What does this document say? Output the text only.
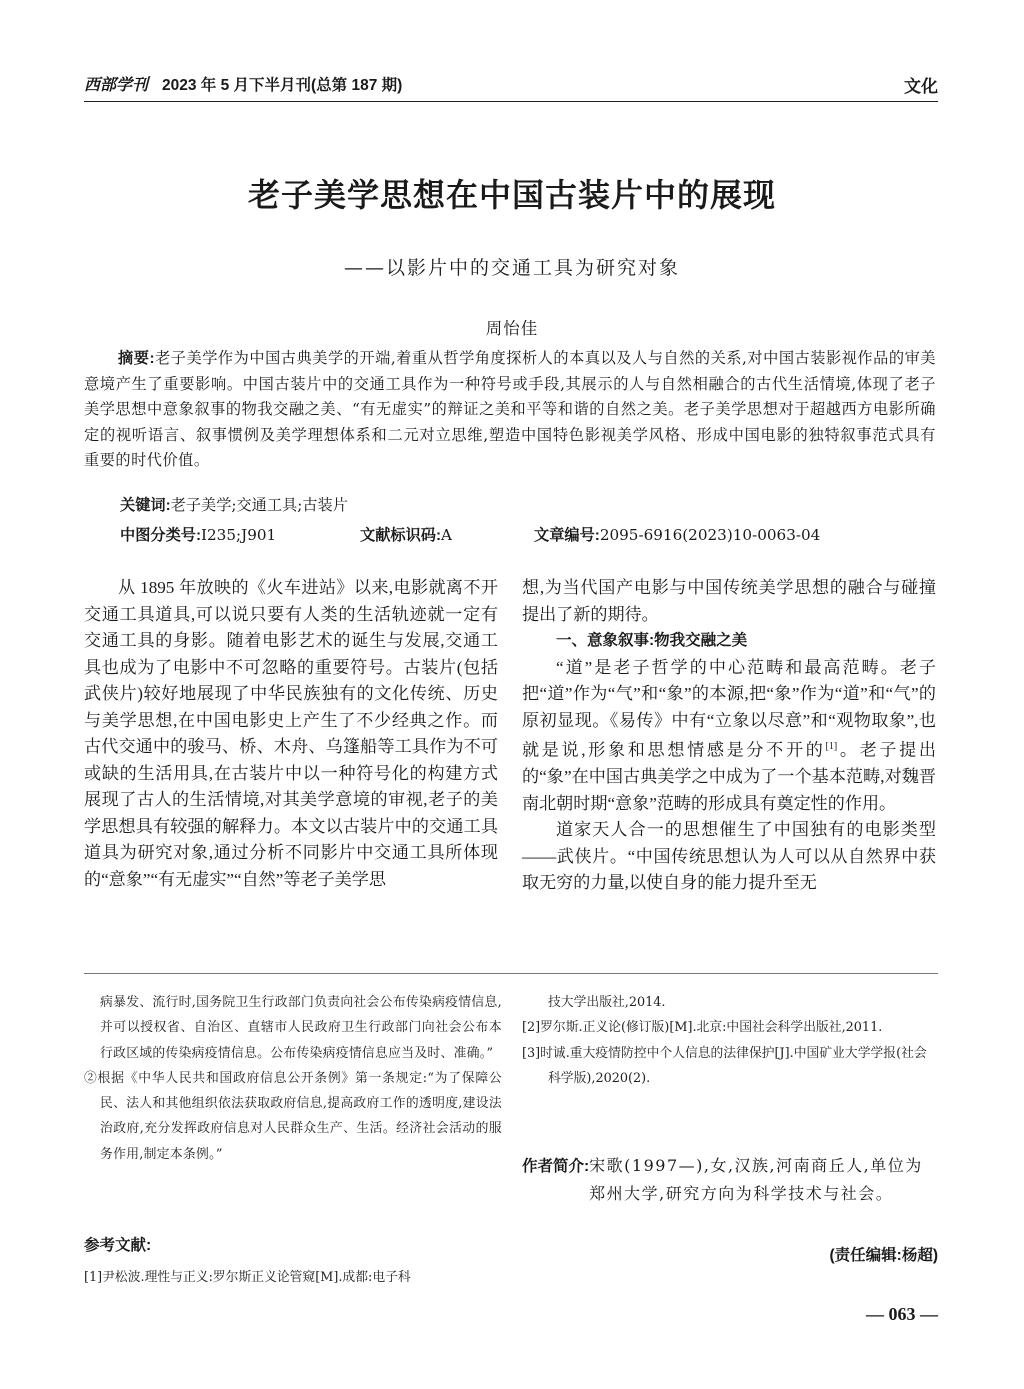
西部学刊 2023 年 5 月下半月刊(总第 187 期)	文化
老子美学思想在中国古装片中的展现
——以影片中的交通工具为研究对象
周怡佳
摘要:老子美学作为中国古典美学的开端,着重从哲学角度探析人的本真以及人与自然的关系,对中国古装影视作品的审美意境产生了重要影响。中国古装片中的交通工具作为一种符号或手段,其展示的人与自然相融合的古代生活情境,体现了老子美学思想中意象叙事的物我交融之美、“有无虚实”的辩证之美和平等和谐的自然之美。老子美学思想对于超越西方电影所确定的视听语言、叙事惯例及美学理想体系和二元对立思维,塑造中国特色影视美学风格、形成中国电影的独特叙事范式具有重要的时代价值。
关键词:老子美学;交通工具;古装片
中图分类号:I235;J901	文献标识码:A	文章编号:2095-6916(2023)10-0063-04

从 1895 年放映的《火车进站》以来,电影就离不开交通工具道具,可以说只要有人类的生活轨迹就一定有交通工具的身影。随着电影艺术的诞生与发展,交通工具也成为了电影中不可忽略的重要符号。古装片(包括武侠片)较好地展现了中华民族独有的文化传统、历史与美学思想,在中国电影史上产生了不少经典之作。而古代交通中的骏马、桥、木舟、乌篷船等工具作为不可或缺的生活用具,在古装片中以一种符号化的构建方式展现了古人的生活情境,对其美学意境的审视,老子的美学思想具有较强的解释力。本文以古装片中的交通工具道具为研究对象,通过分析不同影片中交通工具所体现的“意象”“有无虚实”“自然”等老子美学思

想,为当代国产电影与中国传统美学思想的融合与碰撞提出了新的期待。

一、意象叙事:物我交融之美

“道”是老子哲学的中心范畴和最高范畴。老子把“道”作为“气”和“象”的本源,把“象”作为“道”和“气”的原初显现。《易传》中有“立象以尽意”和“观物取象”,也就是说,形象和思想情感是分不开的[1]。老子提出的“象”在中国古典美学之中成为了一个基本范畴,对魏晋南北朝时期“意象”范畴的形成具有奠定性的作用。

道家天人合一的思想催生了中国独有的电影类型——武侠片。“中国传统思想认为人可以从自然界中获取无穷的力量,以使自身的能力提升至无

病暴发、流行时,国务院卫生行政部门负责向社会公布传染病疫情信息,并可以授权省、自治区、直辖市人民政府卫生行政部门向社会公布本行政区域的传染病疫情信息。公布传染病疫情信息应当及时、准确。”

②根据《中华人民共和国政府信息公开条例》第一条规定:“为了保障公民、法人和其他组织依法获取政府信息,提高政府工作的透明度,建设法治政府,充分发挥政府信息对人民群众生产、生活。经济社会活动的服务作用,制定本条例。”

参考文献:
[1]尹松波.理性与正义:罗尔斯正义论管窥[M].成都:电子科

技大学出版社,2014.

[2]罗尔斯.正义论(修订版)[M].北京:中国社会科学出版社,2011.

[3]时诚.重大疫情防控中个人信息的法律保护[J].中国矿业大学学报(社会科学版),2020(2).

作者简介:宋歌(1997—),女,汉族,河南商丘人,单位为郑州大学,研究方向为科学技术与社会。
(责任编辑:杨超)
— 063 —
